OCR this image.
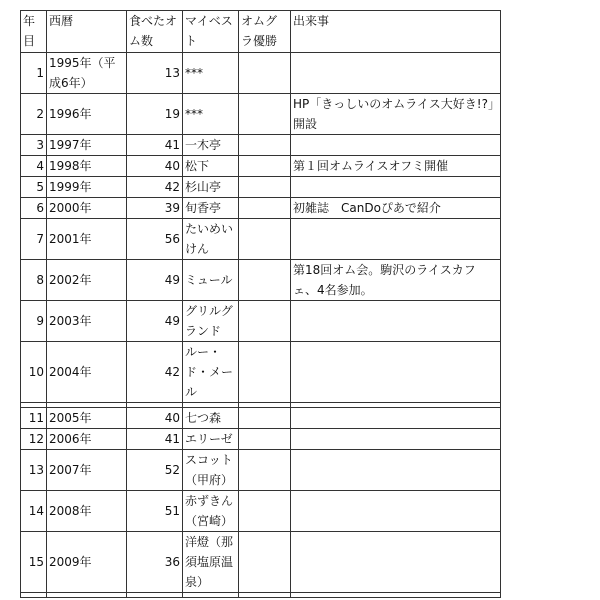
年目	西暦	食べたオム数	マイベスト	オムグラ優勝	出来事
1	1995年（平成6年）	13	***		
2	1996年	19	***		HP「きっしいのオムライス大好き!?」開設
3	1997年	41	一木亭		
4	1998年	40	松下		第１回オムライスオフミ開催
5	1999年	42	杉山亭		
6	2000年	39	旬香亭		初雑誌　CanDoぴあで紹介
7	2001年	56	たいめいけん		
8	2002年	49	ミュール		第18回オム会。駒沢のライスカフェ、4名参加。
9	2003年	49	グリルグランド		
10	2004年	42	ルー・ド・メール		

11	2005年	40	七つ森		
12	2006年	41	エリーゼ		
13	2007年	52	スコット（甲府）		
14	2008年	51	赤ずきん（宮崎）		
15	2009年	36	洋燈（那須塩原温泉）		
